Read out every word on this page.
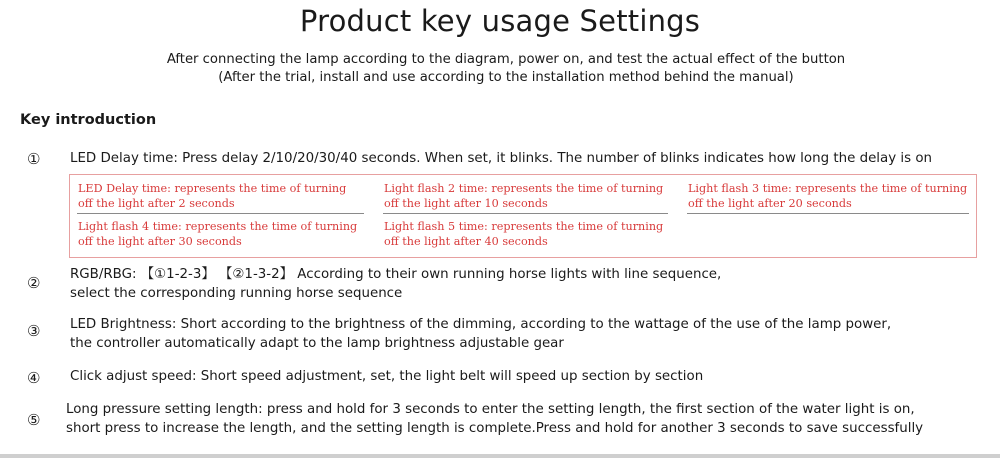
Product key usage Settings
After connecting the lamp according to the diagram, power on, and test the actual effect of the button
(After the trial, install and use according to the installation method behind the manual)
Key introduction
① LED Delay time: Press delay 2/10/20/30/40 seconds. When set, it blinks. The number of blinks indicates how long the delay is on
LED Delay time: represents the time of turning
off the light after 2 seconds
Light flash 2 time: represents the time of turning
off the light after 10 seconds
Light flash 3 time: represents the time of turning
off the light after 20 seconds
Light flash 4 time: represents the time of turning
off the light after 30 seconds
Light flash 5 time: represents the time of turning
off the light after 40 seconds
② RGB/RBG: 【①1-2-3】 【②1-3-2】 According to their own running horse lights with line sequence,
select the corresponding running horse sequence
③ LED Brightness: Short according to the brightness of the dimming, according to the wattage of the use of the lamp power,
the controller automatically adapt to the lamp brightness adjustable gear
④ Click adjust speed: Short speed adjustment, set, the light belt will speed up section by section
⑤
Long pressure setting length: press and hold for 3 seconds to enter the setting length, the first section of the water light is on,
short press to increase the length, and the setting length is complete.Press and hold for another 3 seconds to save successfully
